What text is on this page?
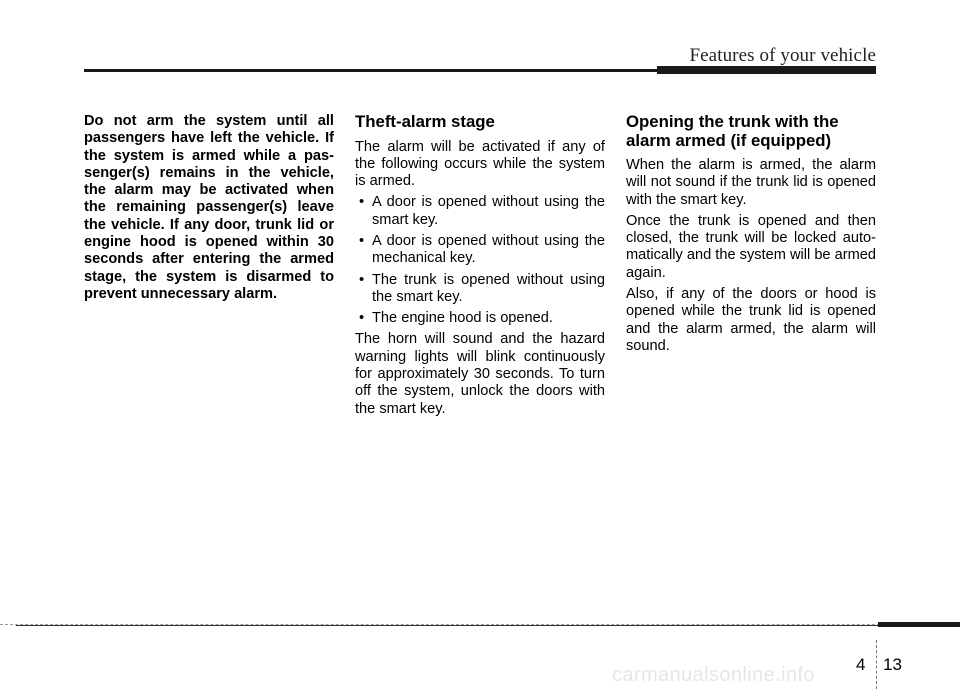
Features of your vehicle

Do not arm the system until all passengers have left the vehicle. If the system is armed while a pas-senger(s) remains in the vehicle, the alarm may be activated when the remaining passenger(s) leave the vehicle. If any door, trunk lid or engine hood is opened within 30 seconds after entering the armed stage, the system is disarmed to prevent unnecessary alarm.

Theft-alarm stage

The alarm will be activated if any of the following occurs while the system is armed.

• A door is opened without using the smart key.
• A door is opened without using the mechanical key.
• The trunk is opened without using the smart key.
• The engine hood is opened.

The horn will sound and the hazard warning lights will blink continuously for approximately 30 seconds. To turn off the system, unlock the doors with the smart key.

Opening the trunk with the alarm armed (if equipped)

When the alarm is armed, the alarm will not sound if the trunk lid is opened with the smart key.

Once the trunk is opened and then closed, the trunk will be locked auto-matically and the system will be armed again.

Also, if any of the doors or hood is opened while the trunk lid is opened and the alarm armed, the alarm will sound.

4 13
carmanualsonline.info
